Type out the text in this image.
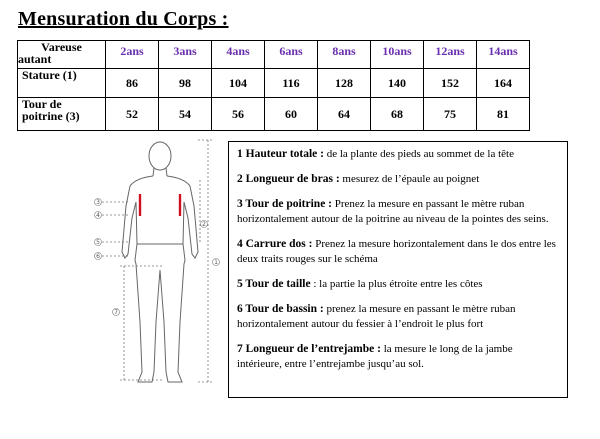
Mensuration du Corps :
Vareuse
autant	2ans	3ans	4ans	6ans	8ans	10ans	12ans	14ans
Stature (1)	86	98	104	116	128	140	152	164

Tour de
poitrine (3)	52	54	56	60	64	68	75	81
3
4
2
5
6
1
7

1 Hauteur totale : de la plante des pieds au sommet de la tête

2 Longueur de bras : mesurez de l’épaule au poignet

3 Tour de poitrine : Prenez la mesure en passant le mètre ruban horizontalement autour de la poitrine au niveau de la pointes des seins.

4 Carrure dos : Prenez la mesure horizontalement dans le dos entre les deux traits rouges sur le schéma

5 Tour de taille : la partie la plus étroite entre les côtes

6 Tour de bassin : prenez la mesure en passant le mètre ruban horizontalement autour du fessier à l’endroit le plus fort

7 Longueur de l’entrejambe : la mesure le long de la jambe intérieure, entre l’entrejambe jusqu’au sol.
